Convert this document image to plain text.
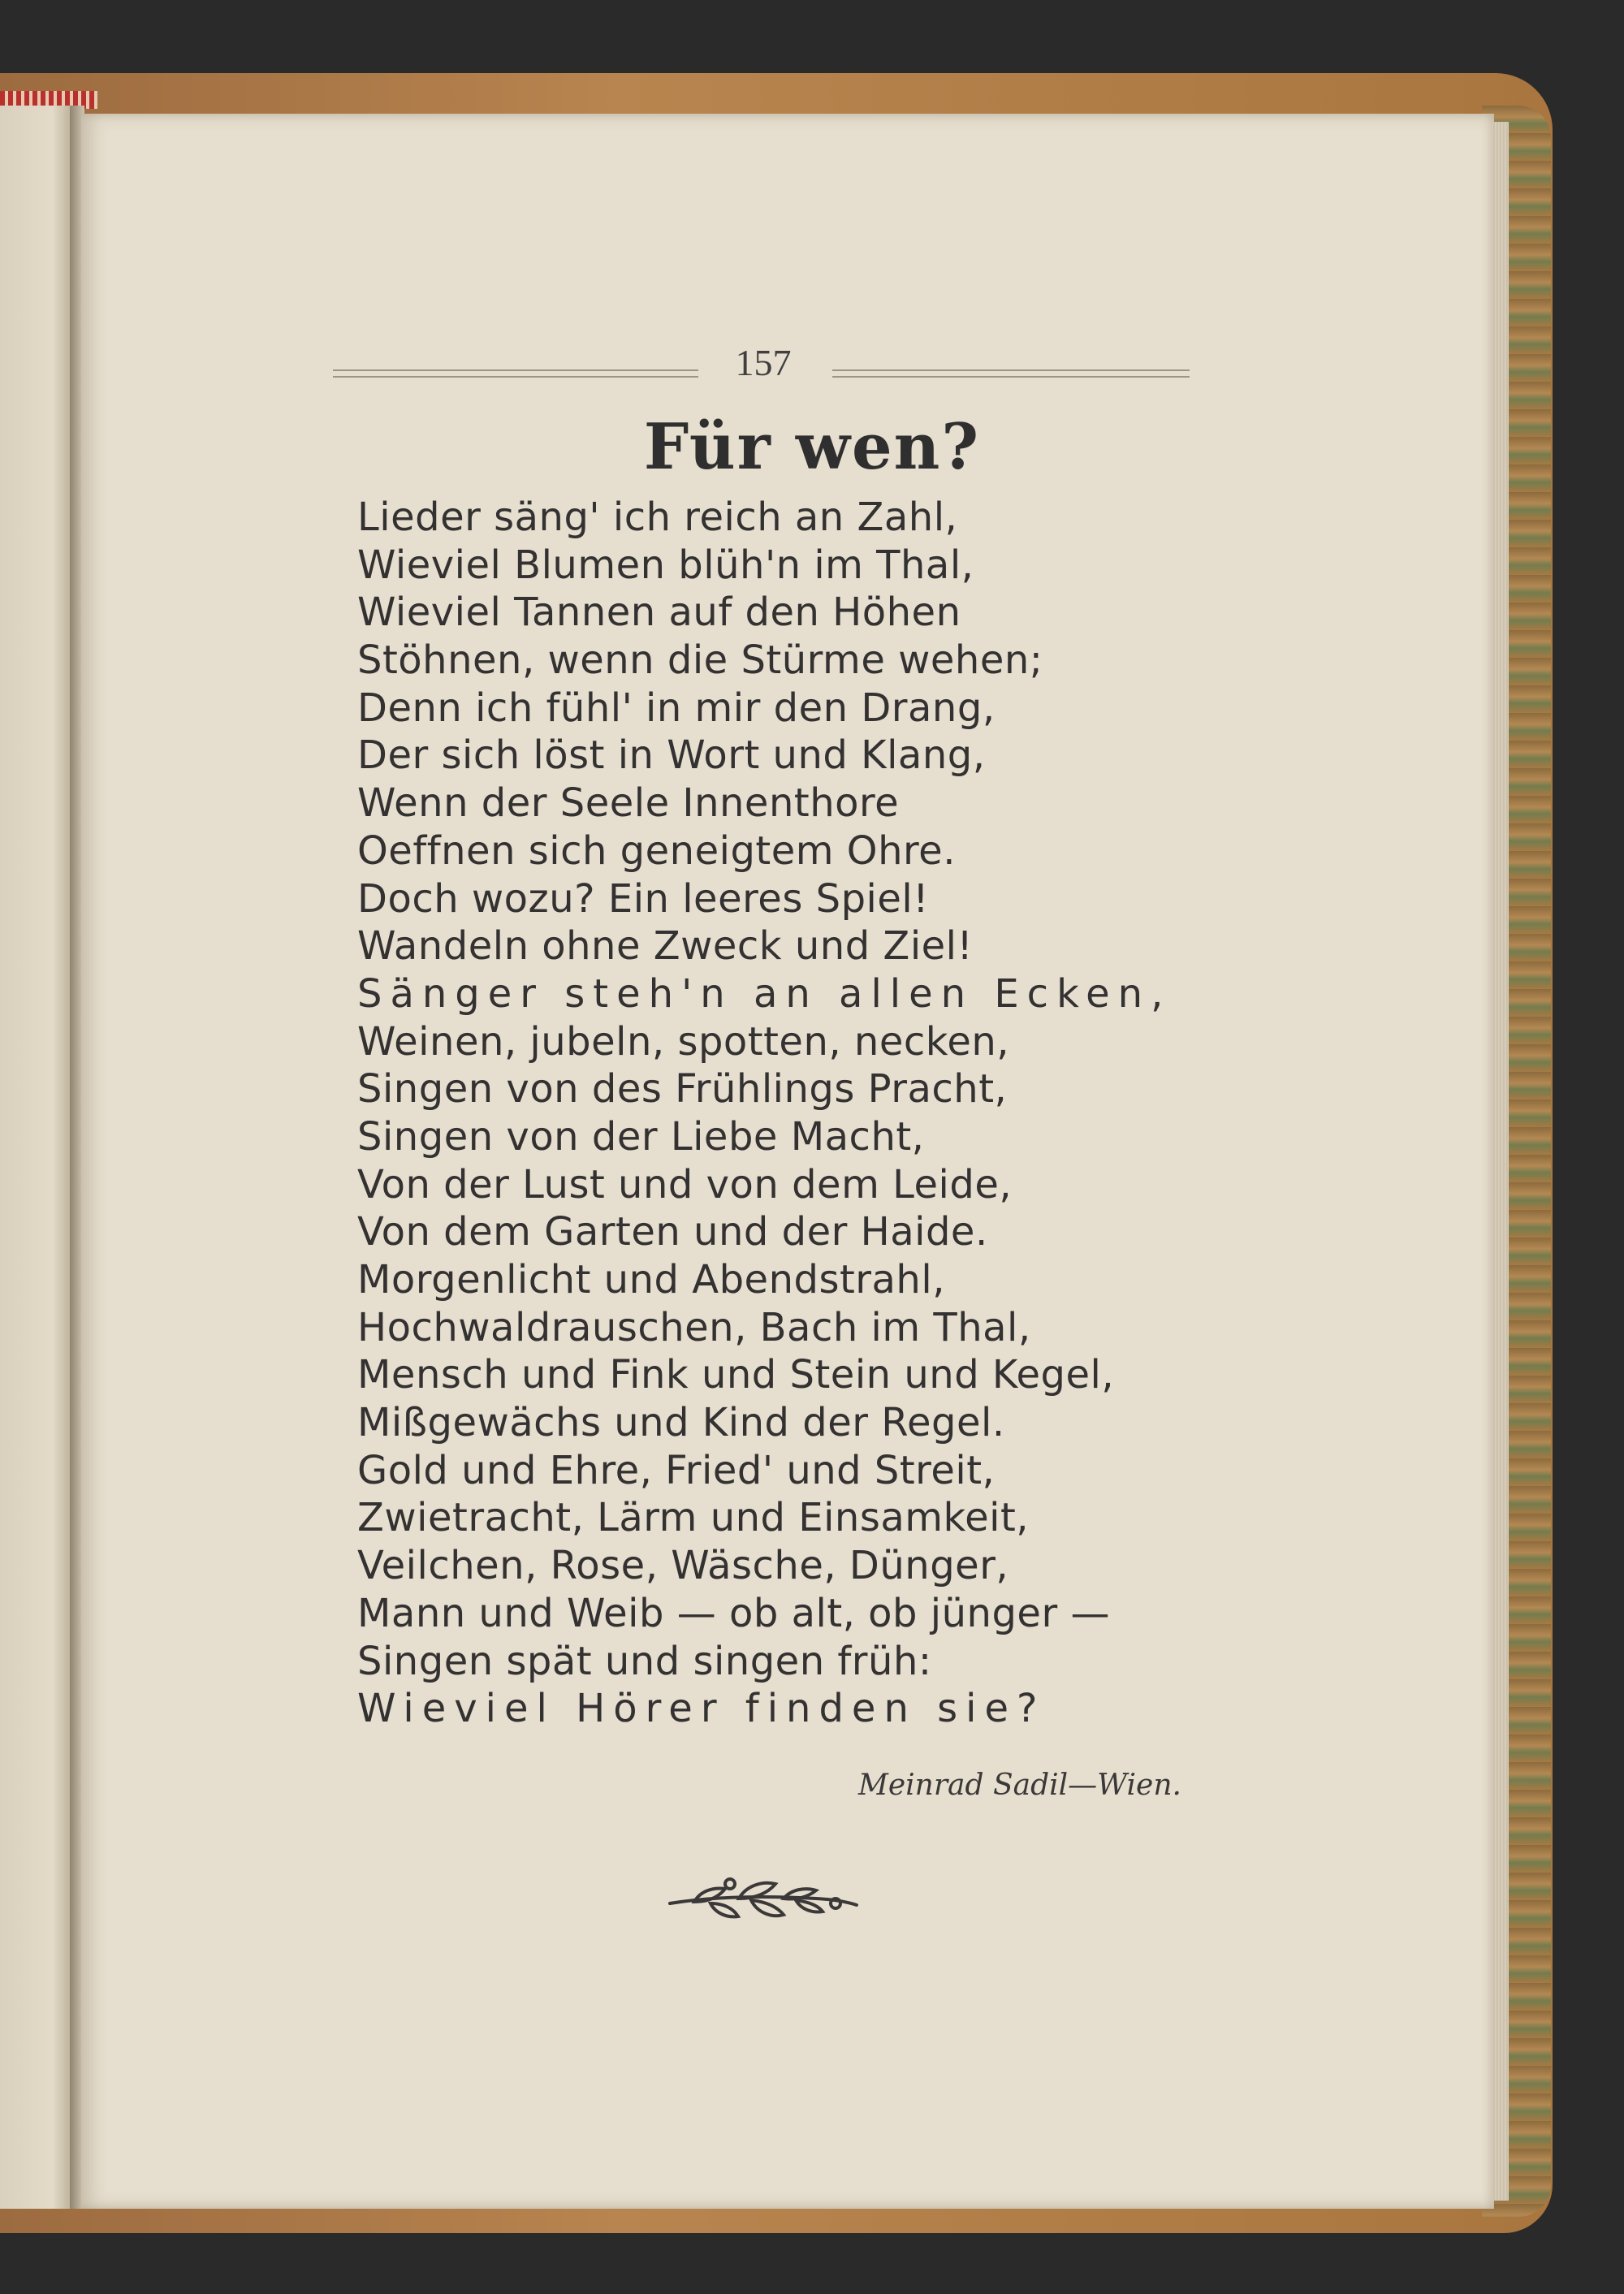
157
Für wen?
Lieder säng' ich reich an Zahl,
Wieviel Blumen blüh'n im Thal,
Wieviel Tannen auf den Höhen
Stöhnen, wenn die Stürme wehen;
Denn ich fühl' in mir den Drang,
Der sich löst in Wort und Klang,
Wenn der Seele Innenthore
Oeffnen sich geneigtem Ohre.
Doch wozu? Ein leeres Spiel!
Wandeln ohne Zweck und Ziel!
Sänger steh'n an allen Ecken,
Weinen, jubeln, spotten, necken,
Singen von des Frühlings Pracht,
Singen von der Liebe Macht,
Von der Lust und von dem Leide,
Von dem Garten und der Haide.
Morgenlicht und Abendstrahl,
Hochwaldrauschen, Bach im Thal,
Mensch und Fink und Stein und Kegel,
Mißgewächs und Kind der Regel.
Gold und Ehre, Fried' und Streit,
Zwietracht, Lärm und Einsamkeit,
Veilchen, Rose, Wäsche, Dünger,
Mann und Weib — ob alt, ob jünger —
Singen spät und singen früh:
Wieviel Hörer finden sie?
Meinrad Sadil—Wien.
